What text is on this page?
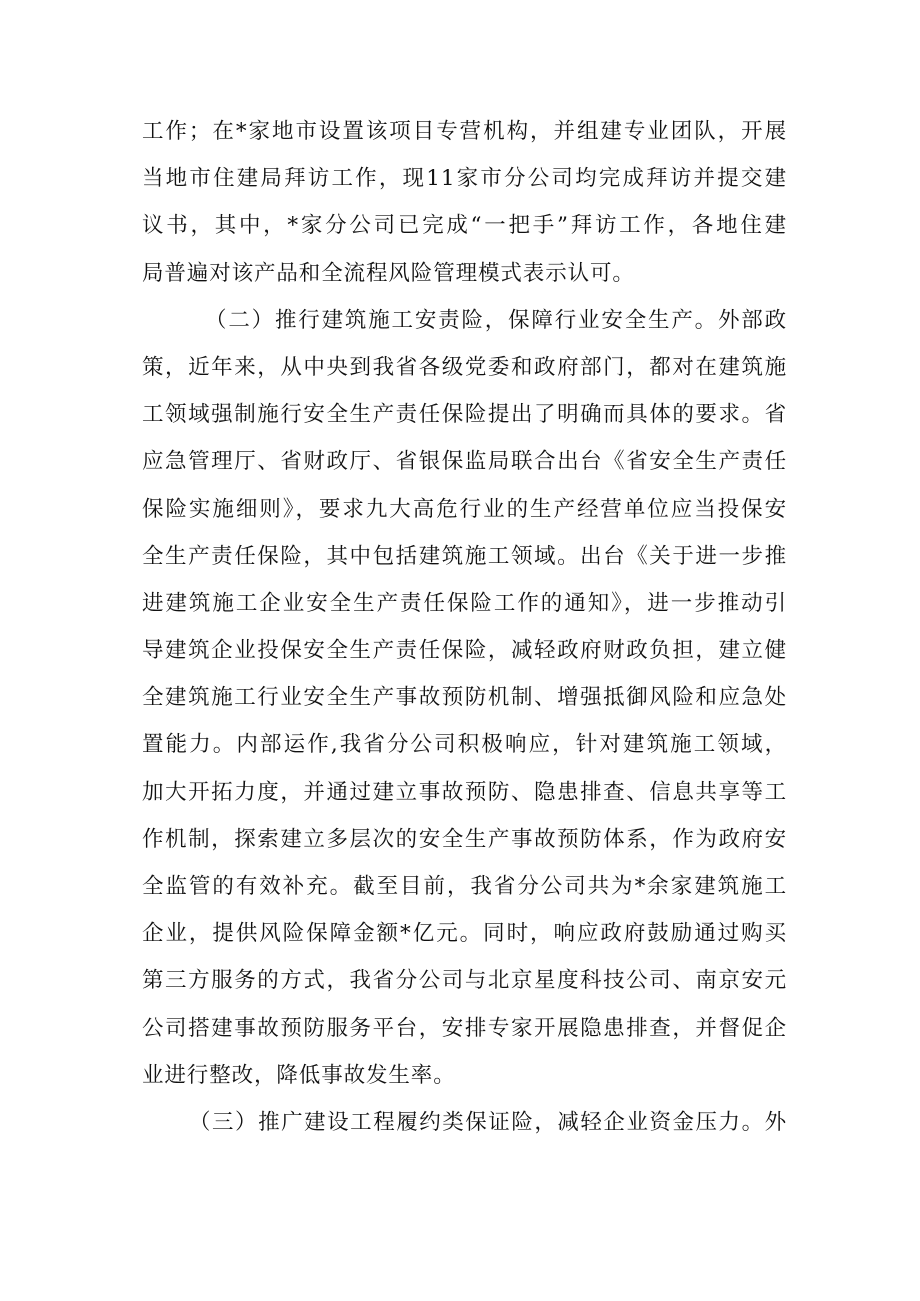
工作；在*家地市设置该项目专营机构，并组建专业团队，开展
当地市住建局拜访工作，现11家市分公司均完成拜访并提交建
议书，其中，*家分公司已完成“一把手”拜访工作，各地住建
局普遍对该产品和全流程风险管理模式表示认可。
（二）推行建筑施工安责险，保障行业安全生产。外部政
策，近年来，从中央到我省各级党委和政府部门，都对在建筑施
工领域强制施行安全生产责任保险提出了明确而具体的要求。省
应急管理厅、省财政厅、省银保监局联合出台《省安全生产责任
保险实施细则》，要求九大高危行业的生产经营单位应当投保安
全生产责任保险，其中包括建筑施工领域。出台《关于进一步推
进建筑施工企业安全生产责任保险工作的通知》，进一步推动引
导建筑企业投保安全生产责任保险，减轻政府财政负担，建立健
全建筑施工行业安全生产事故预防机制、增强抵御风险和应急处
置能力。内部运作,我省分公司积极响应，针对建筑施工领域，
加大开拓力度，并通过建立事故预防、隐患排查、信息共享等工
作机制，探索建立多层次的安全生产事故预防体系，作为政府安
全监管的有效补充。截至目前，我省分公司共为*余家建筑施工
企业，提供风险保障金额*亿元。同时，响应政府鼓励通过购买
第三方服务的方式，我省分公司与北京星度科技公司、南京安元
公司搭建事故预防服务平台，安排专家开展隐患排查，并督促企
业进行整改，降低事故发生率。
（三）推广建设工程履约类保证险，减轻企业资金压力。外
